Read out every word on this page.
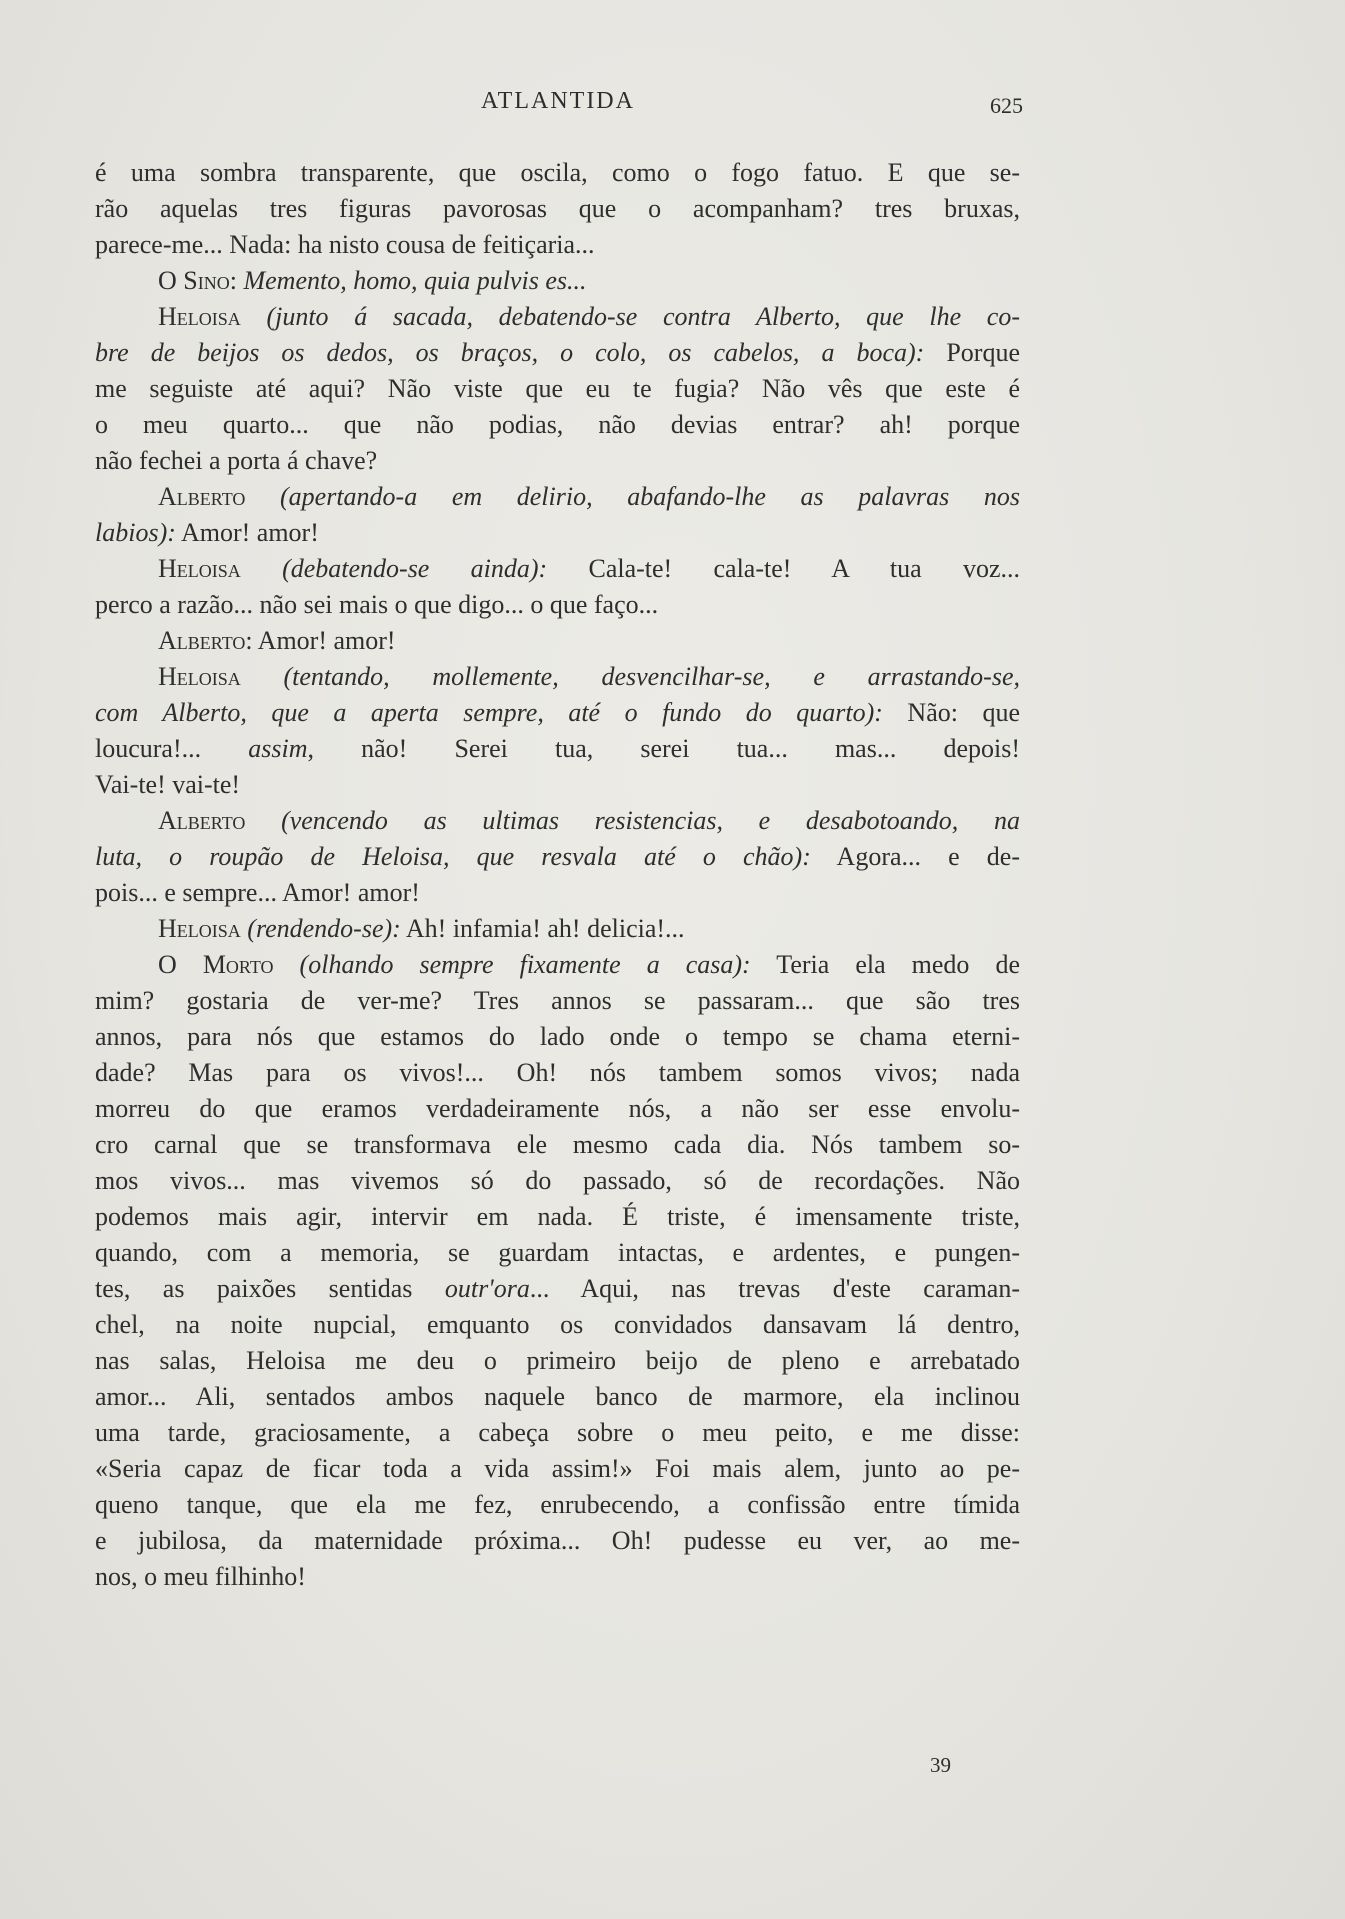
ATLANTIDA	625
é uma sombra transparente, que oscila, como o fogo fatuo. E que se-
rão aquelas tres figuras pavorosas que o acompanham? tres bruxas,
parece-me... Nada: ha nisto cousa de feitiçaria...
O Sino: Memento, homo, quia pulvis es...
Heloisa (junto á sacada, debatendo-se contra Alberto, que lhe co-
bre de beijos os dedos, os braços, o colo, os cabelos, a boca): Porque
me seguiste até aqui? Não viste que eu te fugia? Não vês que este é
o meu quarto... que não podias, não devias entrar? ah! porque
não fechei a porta á chave?
Alberto (apertando-a em delirio, abafando-lhe as palavras nos
labios): Amor! amor!
Heloisa (debatendo-se ainda): Cala-te! cala-te! A tua voz...
perco a razão... não sei mais o que digo... o que faço...
Alberto: Amor! amor!
Heloisa (tentando, mollemente, desvencilhar-se, e arrastando-se,
com Alberto, que a aperta sempre, até o fundo do quarto): Não: que
loucura!... assim, não! Serei tua, serei tua... mas... depois!
Vai-te! vai-te!
Alberto (vencendo as ultimas resistencias, e desabotoando, na
luta, o roupão de Heloisa, que resvala até o chão): Agora... e de-
pois... e sempre... Amor! amor!
Heloisa (rendendo-se): Ah! infamia! ah! delicia!...
O Morto (olhando sempre fixamente a casa): Teria ela medo de
mim? gostaria de ver-me? Tres annos se passaram... que são tres
annos, para nós que estamos do lado onde o tempo se chama eterni-
dade? Mas para os vivos!... Oh! nós tambem somos vivos; nada
morreu do que eramos verdadeiramente nós, a não ser esse envolu-
cro carnal que se transformava ele mesmo cada dia. Nós tambem so-
mos vivos... mas vivemos só do passado, só de recordações. Não
podemos mais agir, intervir em nada. É triste, é imensamente triste,
quando, com a memoria, se guardam intactas, e ardentes, e pungen-
tes, as paixões sentidas outr'ora... Aqui, nas trevas d'este caraman-
chel, na noite nupcial, emquanto os convidados dansavam lá dentro,
nas salas, Heloisa me deu o primeiro beijo de pleno e arrebatado
amor... Ali, sentados ambos naquele banco de marmore, ela inclinou
uma tarde, graciosamente, a cabeça sobre o meu peito, e me disse:
«Seria capaz de ficar toda a vida assim!» Foi mais alem, junto ao pe-
queno tanque, que ela me fez, enrubecendo, a confissão entre tímida
e jubilosa, da maternidade próxima... Oh! pudesse eu ver, ao me-
nos, o meu filhinho!
39
